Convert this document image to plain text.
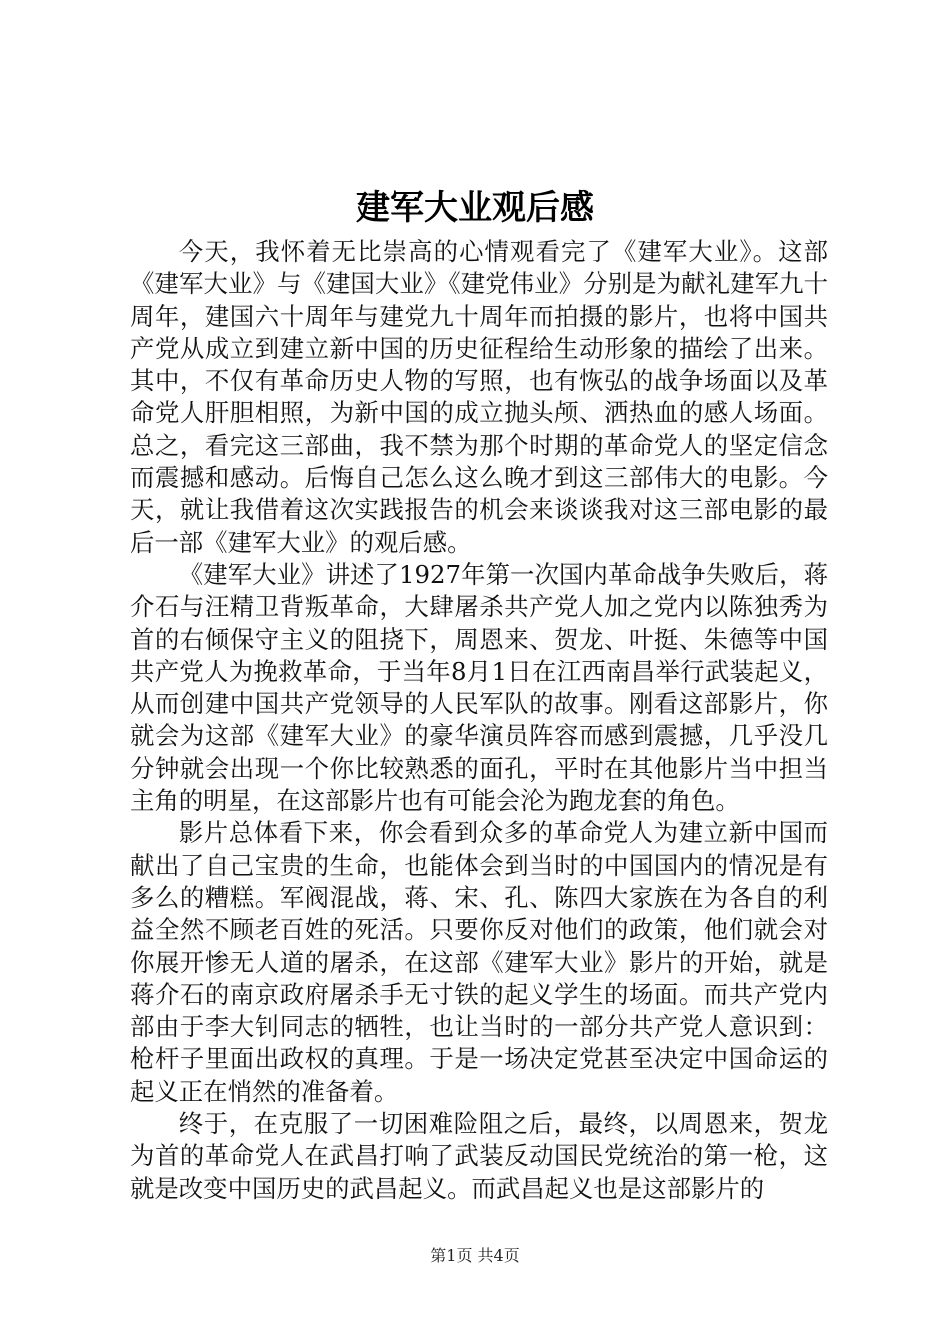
建军大业观后感

今天，我怀着无比崇高的心情观看完了《建军大业》。这部《建军大业》与《建国大业》《建党伟业》分别是为献礼建军九十周年，建国六十周年与建党九十周年而拍摄的影片，也将中国共产党从成立到建立新中国的历史征程给生动形象的描绘了出来。其中，不仅有革命历史人物的写照，也有恢弘的战争场面以及革命党人肝胆相照，为新中国的成立抛头颅、洒热血的感人场面。总之，看完这三部曲，我不禁为那个时期的革命党人的坚定信念而震撼和感动。后悔自己怎么这么晚才到这三部伟大的电影。今天，就让我借着这次实践报告的机会来谈谈我对这三部电影的最后一部《建军大业》的观后感。

《建军大业》讲述了1927年第一次国内革命战争失败后，蒋介石与汪精卫背叛革命，大肆屠杀共产党人加之党内以陈独秀为首的右倾保守主义的阻挠下，周恩来、贺龙、叶挺、朱德等中国共产党人为挽救革命，于当年8月1日在江西南昌举行武装起义，从而创建中国共产党领导的人民军队的故事。刚看这部影片，你就会为这部《建军大业》的豪华演员阵容而感到震撼，几乎没几分钟就会出现一个你比较熟悉的面孔，平时在其他影片当中担当主角的明星，在这部影片也有可能会沦为跑龙套的角色。

影片总体看下来，你会看到众多的革命党人为建立新中国而献出了自己宝贵的生命，也能体会到当时的中国国内的情况是有多么的糟糕。军阀混战，蒋、宋、孔、陈四大家族在为各自的利益全然不顾老百姓的死活。只要你反对他们的政策，他们就会对你展开惨无人道的屠杀，在这部《建军大业》影片的开始，就是蒋介石的南京政府屠杀手无寸铁的起义学生的场面。而共产党内部由于李大钊同志的牺牲，也让当时的一部分共产党人意识到：枪杆子里面出政权的真理。于是一场决定党甚至决定中国命运的起义正在悄然的准备着。

终于，在克服了一切困难险阻之后，最终，以周恩来，贺龙为首的革命党人在武昌打响了武装反动国民党统治的第一枪，这就是改变中国历史的武昌起义。而武昌起义也是这部影片的

第1页 共4页
